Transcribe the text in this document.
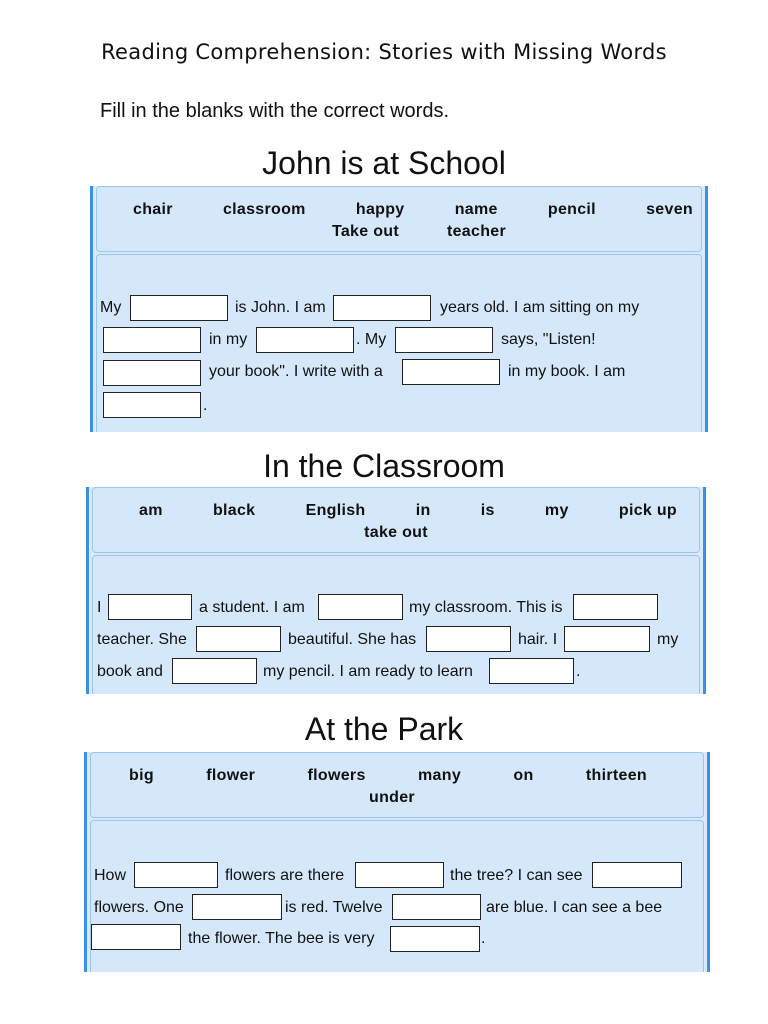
Reading Comprehension: Stories with Missing Words
Fill in the blanks with the correct words.
John is at School
chair	classroom	happy	name	pencil	seven
Take out	teacher
My	is John. I am	years old. I am sitting on my
in my	. My	says, "Listen!
your book". I write with a	in my book. I am
.
In the Classroom
am	black	English	in	is	my	pick up
take out
I	a student. I am	my classroom. This is
teacher. She	beautiful. She has	hair. I	my
book and	my pencil. I am ready to learn	.
At the Park
big	flower	flowers	many	on	thirteen
under
How	flowers are there	the tree? I can see
flowers. One	is red. Twelve	are blue. I can see a bee
the flower. The bee is very	.
